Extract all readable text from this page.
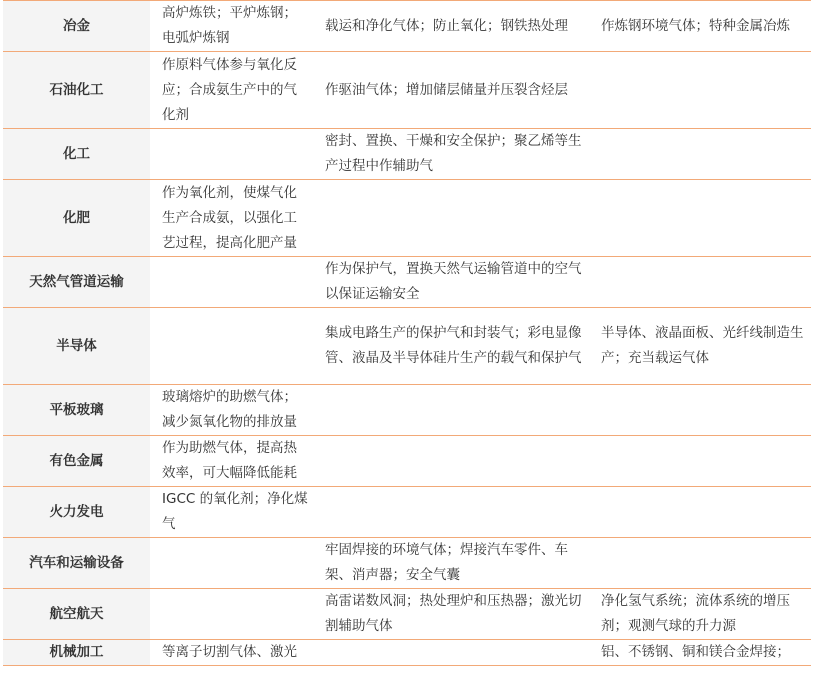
冶金	高炉炼铁；平炉炼钢；电弧炉炼钢	载运和净化气体；防止氧化；钢铁热处理	作炼钢环境气体；特种金属冶炼
石油化工	作原料气体参与氧化反应；合成氨生产中的气化剂	作驱油气体；增加储层储量并压裂含烃层	
化工		密封、置换、干燥和安全保护；聚乙烯等生产过程中作辅助气	
化肥	作为氧化剂，使煤气化生产合成氨，以强化工艺过程，提高化肥产量		
天然气管道运输		作为保护气，置换天然气运输管道中的空气以保证运输安全	
半导体		集成电路生产的保护气和封装气；彩电显像管、液晶及半导体硅片生产的载气和保护气	半导体、液晶面板、光纤线制造生产；充当载运气体
平板玻璃	玻璃熔炉的助燃气体；减少氮氧化物的排放量		
有色金属	作为助燃气体，提高热效率，可大幅降低能耗		
火力发电	IGCC 的氧化剂；净化煤气		
汽车和运输设备		牢固焊接的环境气体；焊接汽车零件、车架、消声器；安全气囊	
航空航天		高雷诺数风洞；热处理炉和压热器；激光切割辅助气体	净化氢气系统；流体系统的增压剂；观测气球的升力源
机械加工	等离子切割气体、激光		铝、不锈钢、铜和镁合金焊接；
